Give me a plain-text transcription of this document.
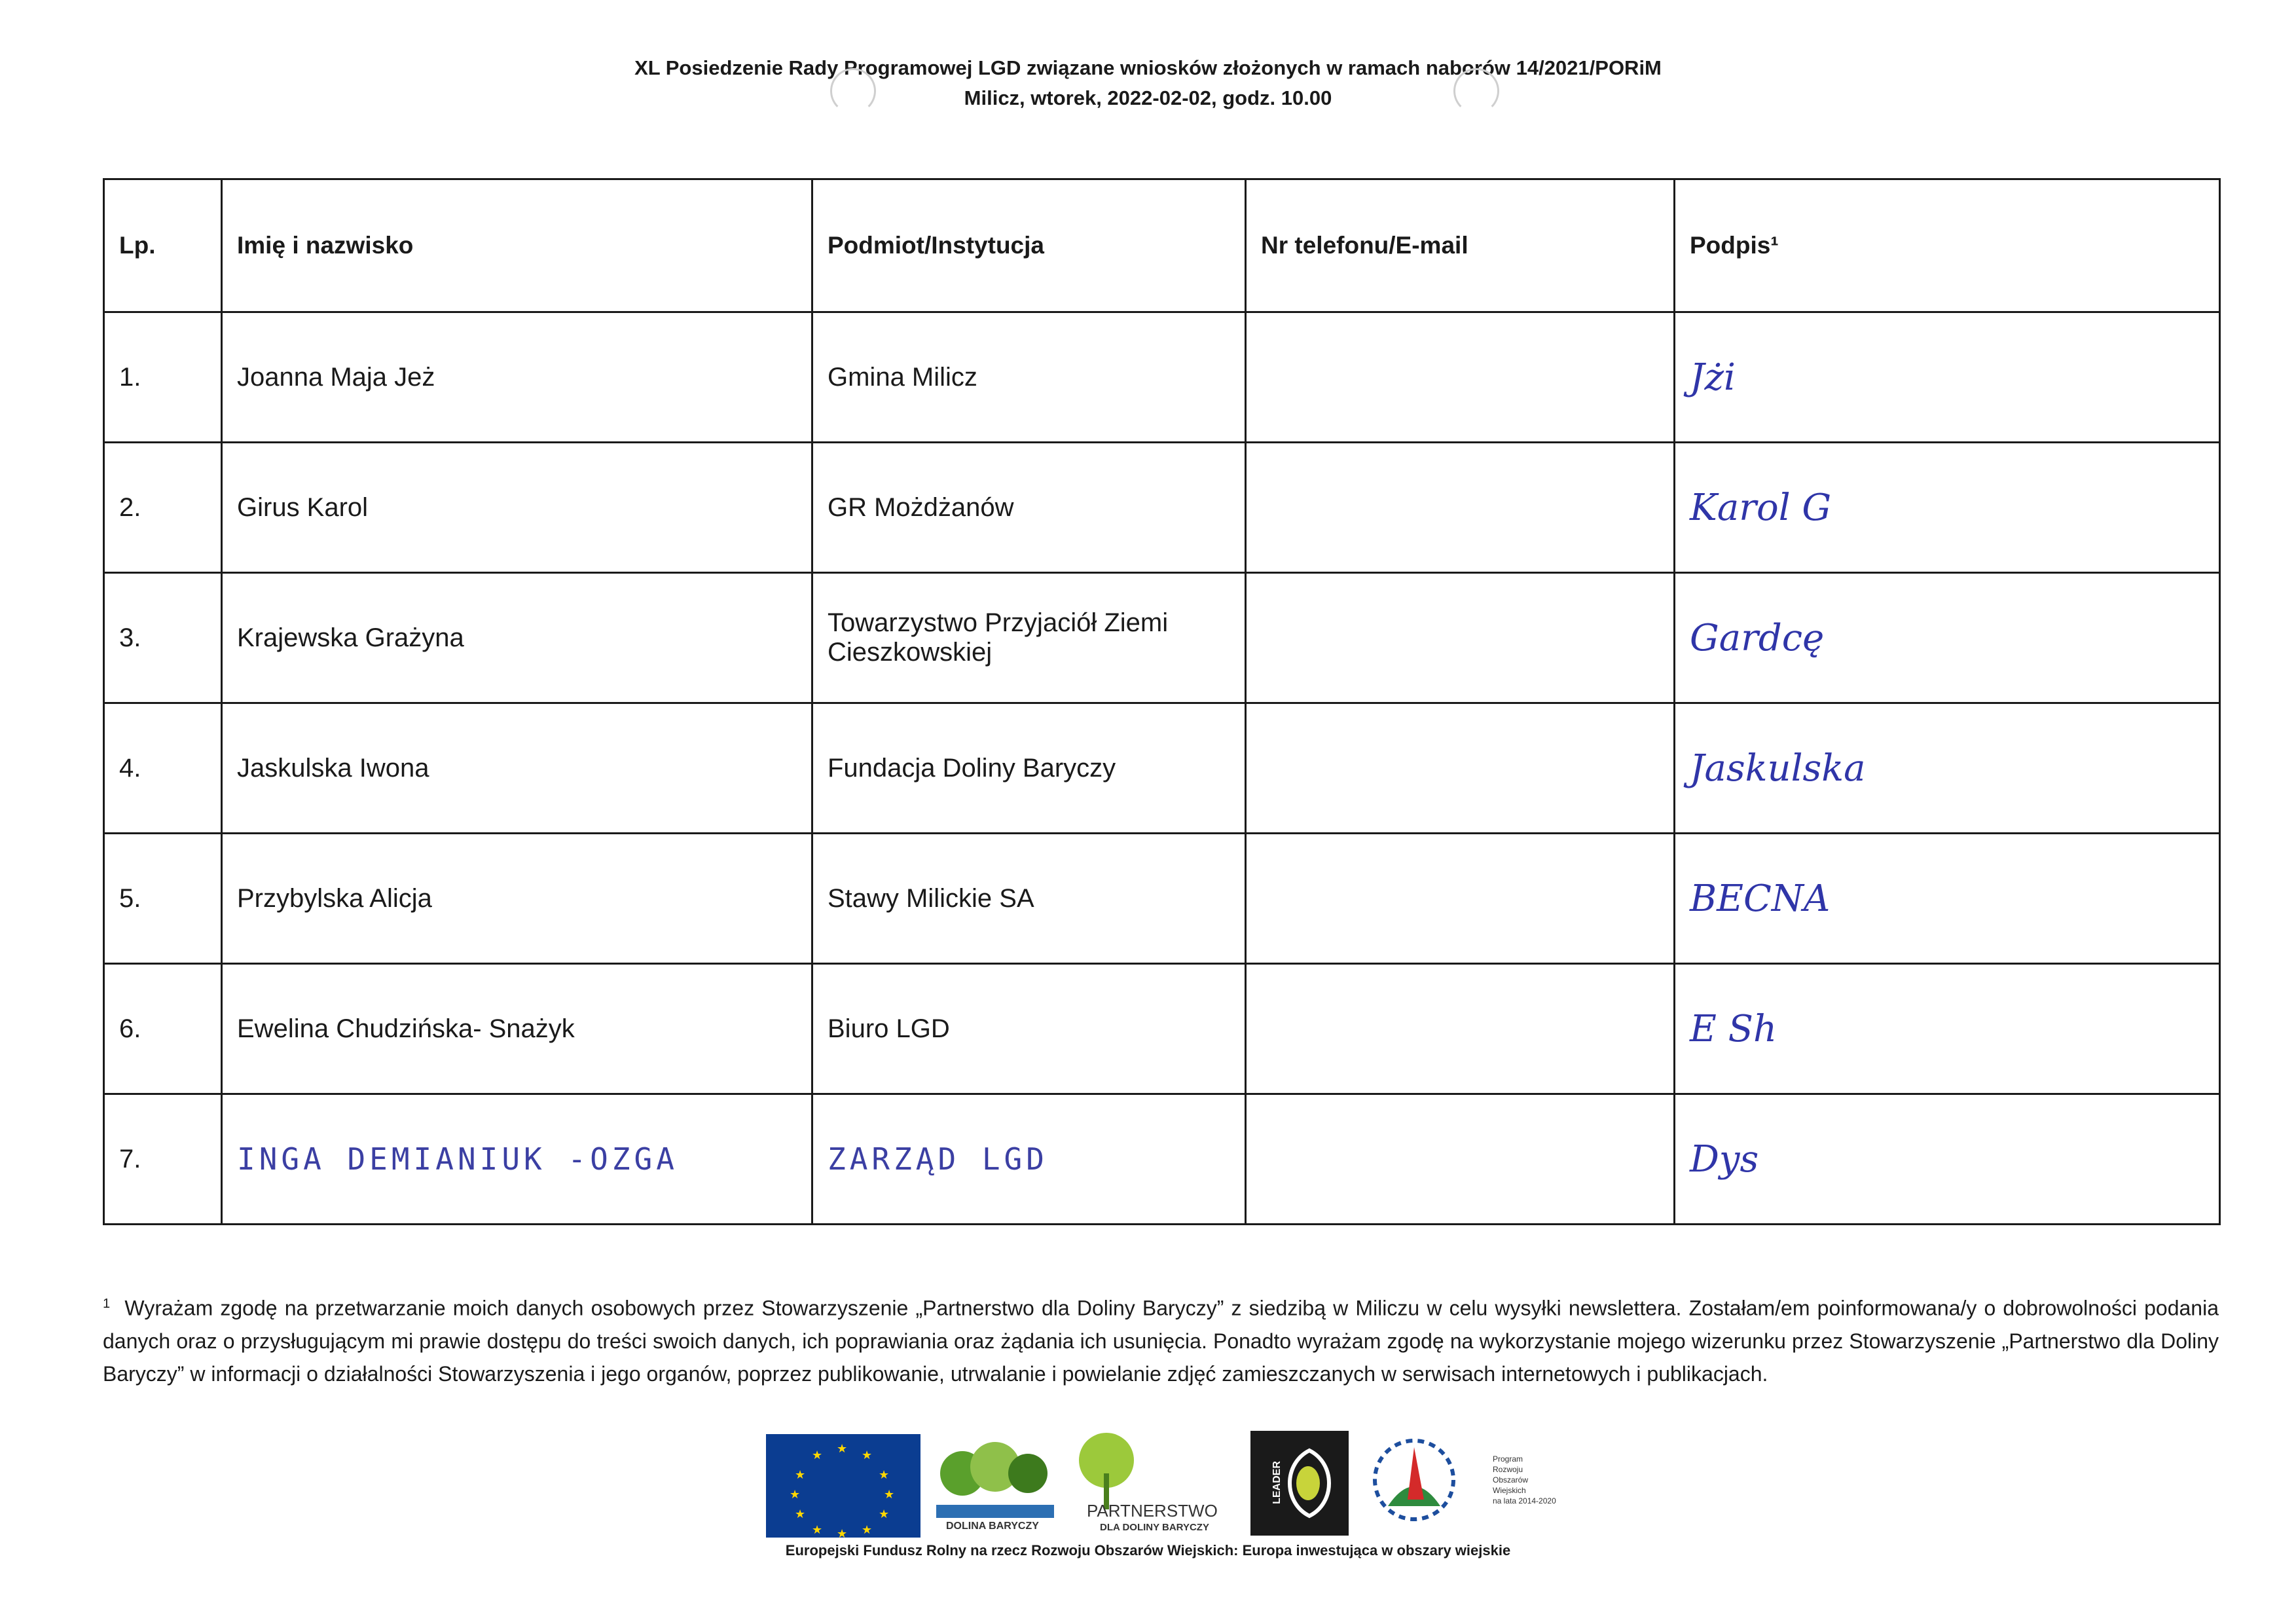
XL Posiedzenie Rady Programowej LGD związane wniosków złożonych w ramach naborów 14/2021/PORiM
Milicz, wtorek, 2022-02-02, godz. 10.00
Lp.	Imię i nazwisko	Podmiot/Instytucja	Nr telefonu/E-mail	Podpis¹
1.	Joanna Maja Jeż	Gmina Milicz		Jżi
2.	Girus Karol	GR Możdżanów		Karol G
3.	Krajewska Grażyna	Towarzystwo Przyjaciół Ziemi Cieszkowskiej		Gardcę
4.	Jaskulska Iwona	Fundacja Doliny Baryczy		Jaskulska
5.	Przybylska Alicja	Stawy Milickie SA		BECNA
6.	Ewelina Chudzińska- Snażyk	Biuro LGD		E Sh
7.	INGA DEMIANIUK -OZGA	ZARZĄD LGD		Dys
$^1$ Wyrażam zgodę na przetwarzanie moich danych osobowych przez Stowarzyszenie „Partnerstwo dla Doliny Baryczy” z siedzibą w Miliczu w celu wysyłki newslettera. Zostałam/em poinformowana/y o dobrowolności podania danych oraz o przysługującym mi prawie dostępu do treści swoich danych, ich poprawiania oraz żądania ich usunięcia. Ponadto wyrażam zgodę na wykorzystanie mojego wizerunku przez Stowarzyszenie „Partnerstwo dla Doliny Baryczy” w informacji o działalności Stowarzyszenia i jego organów, poprzez publikowanie, utrwalanie i powielanie zdjęć zamieszczanych w serwisach internetowych i publikacjach.
★ ★
★
★
★
★
★
★
★
★
★
★
DOLINA BARYCZY
PARTNERSTWO
DLA DOLINY BARYCZY
LEADER
Program
Rozwoju
Obszarów
Wiejskich
na lata 2014-2020
Europejski Fundusz Rolny na rzecz Rozwoju Obszarów Wiejskich: Europa inwestująca w obszary wiejskie
